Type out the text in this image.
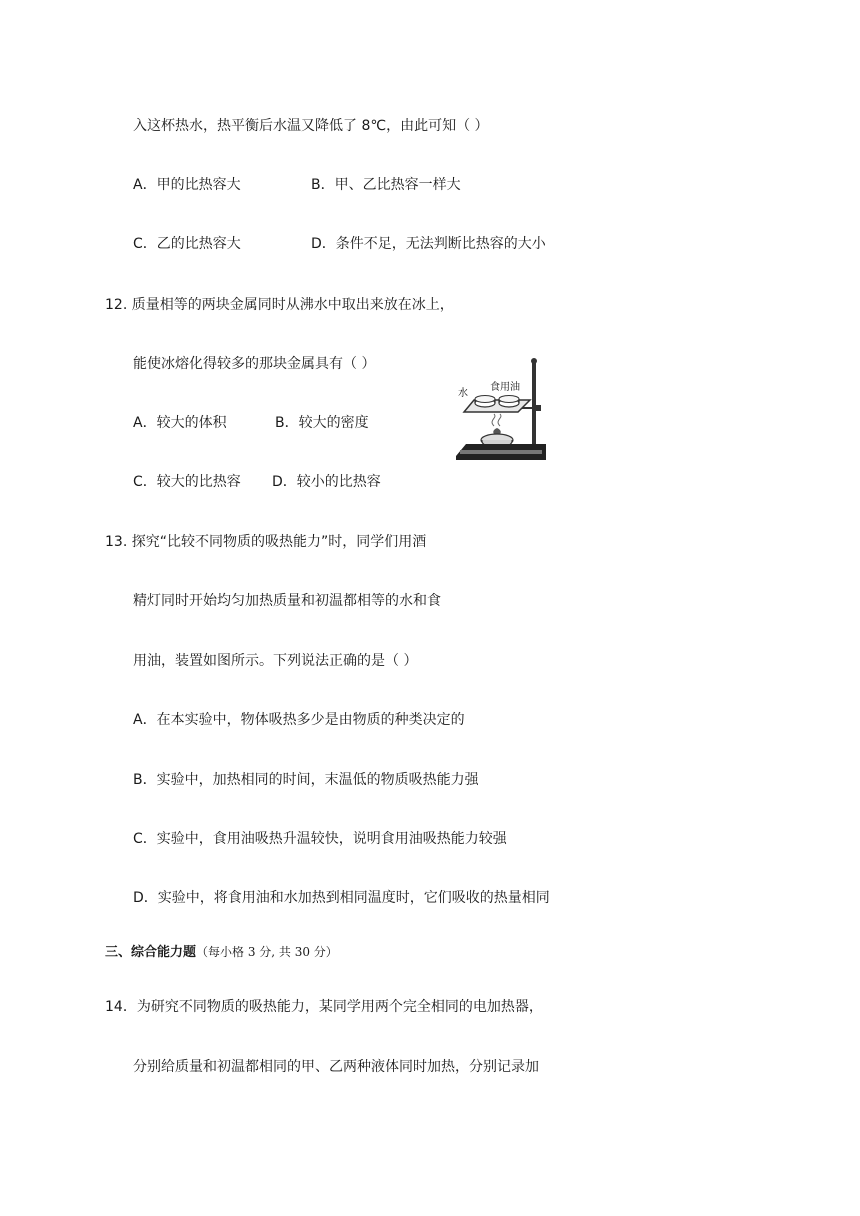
入这杯热水，热平衡后水温又降低了 8℃，由此可知（ ）
A．甲的比热容大	B．甲、乙比热容一样大
C．乙的比热容大	D．条件不足，无法判断比热容的大小
12. 质量相等的两块金属同时从沸水中取出来放在冰上，
能使冰熔化得较多的那块金属具有（ ）
A．较大的体积	B．较大的密度
C．较大的比热容 D．较小的比热容
水
食用油
13. 探究“比较不同物质的吸热能力”时，同学们用酒
精灯同时开始均匀加热质量和初温都相等的水和食
用油，装置如图所示。下列说法正确的是（ ）
A．在本实验中，物体吸热多少是由物质的种类决定的
B．实验中，加热相同的时间，末温低的物质吸热能力强
C．实验中，食用油吸热升温较快，说明食用油吸热能力较强
D．实验中，将食用油和水加热到相同温度时，它们吸收的热量相同
三、综合能力题（每小格 3 分, 共 30 分）
14．为研究不同物质的吸热能力，某同学用两个完全相同的电加热器，
分别给质量和初温都相同的甲、乙两种液体同时加热，分别记录加
